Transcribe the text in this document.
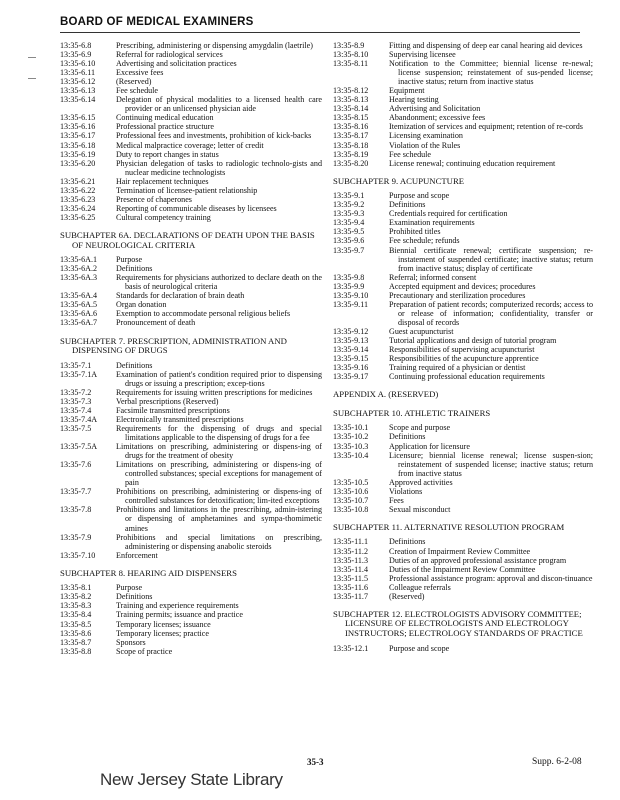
BOARD OF MEDICAL EXAMINERS
13:35-6.8	Prescribing, administering or dispensing amygdalin (laetrile)
13:35-6.9	Referral for radiological services
13:35-6.10	Advertising and solicitation practices
13:35-6.11	Excessive fees
13:35-6.12	(Reserved)
13:35-6.13	Fee schedule
13:35-6.14	Delegation of physical modalities to a licensed health care provider or an unlicensed physician aide
13:35-6.15	Continuing medical education
13:35-6.16	Professional practice structure
13:35-6.17	Professional fees and investments, prohibition of kick-backs
13:35-6.18	Medical malpractice coverage; letter of credit
13:35-6.19	Duty to report changes in status
13:35-6.20	Physician delegation of tasks to radiologic technolo-gists and nuclear medicine technologists
13:35-6.21	Hair replacement techniques
13:35-6.22	Termination of licensee-patient relationship
13:35-6.23	Presence of chaperones
13:35-6.24	Reporting of communicable diseases by licensees
13:35-6.25	Cultural competency training
SUBCHAPTER 6A. DECLARATIONS OF DEATH UPON THE BASIS OF NEUROLOGICAL CRITERIA
13:35-6A.1	Purpose
13:35-6A.2	Definitions
13:35-6A.3	Requirements for physicians authorized to declare death on the basis of neurological criteria
13:35-6A.4	Standards for declaration of brain death
13:35-6A.5	Organ donation
13:35-6A.6	Exemption to accommodate personal religious beliefs
13:35-6A.7	Pronouncement of death
SUBCHAPTER 7. PRESCRIPTION, ADMINISTRATION AND DISPENSING OF DRUGS
13:35-7.1	Definitions
13:35-7.1A	Examination of patient's condition required prior to dispensing drugs or issuing a prescription; excep-tions
13:35-7.2	Requirements for issuing written prescriptions for medicines
13:35-7.3	Verbal prescriptions (Reserved)
13:35-7.4	Facsimile transmitted prescriptions
13:35-7.4A	Electronically transmitted prescriptions
13:35-7.5	Requirements for the dispensing of drugs and special limitations applicable to the dispensing of drugs for a fee
13:35-7.5A	Limitations on prescribing, administering or dispens-ing of drugs for the treatment of obesity
13:35-7.6	Limitations on prescribing, administering or dispens-ing of controlled substances; special exceptions for management of pain
13:35-7.7	Prohibitions on prescribing, administering or dispens-ing of controlled substances for detoxification; lim-ited exceptions
13:35-7.8	Prohibitions and limitations in the prescribing, admin-istering or dispensing of amphetamines and sympa-thomimetic amines
13:35-7.9	Prohibitions and special limitations on prescribing, administering or dispensing anabolic steroids
13:35-7.10	Enforcement
SUBCHAPTER 8. HEARING AID DISPENSERS
13:35-8.1	Purpose
13:35-8.2	Definitions
13:35-8.3	Training and experience requirements
13:35-8.4	Training permits; issuance and practice
13:35-8.5	Temporary licenses; issuance
13:35-8.6	Temporary licenses; practice
13:35-8.7	Sponsors
13:35-8.8	Scope of practice
13:35-8.9	Fitting and dispensing of deep ear canal hearing aid devices
13:35-8.10	Supervising licensee
13:35-8.11	Notification to the Committee; biennial license re-newal; license suspension; reinstatement of sus-pended license; inactive status; return from inactive status
13:35-8.12	Equipment
13:35-8.13	Hearing testing
13:35-8.14	Advertising and Solicitation
13:35-8.15	Abandonment; excessive fees
13:35-8.16	Itemization of services and equipment; retention of re-cords
13:35-8.17	Licensing examination
13:35-8.18	Violation of the Rules
13:35-8.19	Fee schedule
13:35-8.20	License renewal; continuing education requirement
SUBCHAPTER 9. ACUPUNCTURE
13:35-9.1	Purpose and scope
13:35-9.2	Definitions
13:35-9.3	Credentials required for certification
13:35-9.4	Examination requirements
13:35-9.5	Prohibited titles
13:35-9.6	Fee schedule; refunds
13:35-9.7	Biennial certificate renewal; certificate suspension; re-instatement of suspended certificate; inactive status; return from inactive status; display of certificate
13:35-9.8	Referral; informed consent
13:35-9.9	Accepted equipment and devices; procedures
13:35-9.10	Precautionary and sterilization procedures
13:35-9.11	Preparation of patient records; computerized records; access to or release of information; confidentiality, transfer or disposal of records
13:35-9.12	Guest acupuncturist
13:35-9.13	Tutorial applications and design of tutorial program
13:35-9.14	Responsibilities of supervising acupuncturist
13:35-9.15	Responsibilities of the acupuncture apprentice
13:35-9.16	Training required of a physician or dentist
13:35-9.17	Continuing professional education requirements
APPENDIX A. (RESERVED)
SUBCHAPTER 10. ATHLETIC TRAINERS
13:35-10.1	Scope and purpose
13:35-10.2	Definitions
13:35-10.3	Application for licensure
13:35-10.4	Licensure; biennial license renewal; license suspen-sion; reinstatement of suspended license; inactive status; return from inactive status
13:35-10.5	Approved activities
13:35-10.6	Violations
13:35-10.7	Fees
13:35-10.8	Sexual misconduct
SUBCHAPTER 11. ALTERNATIVE RESOLUTION PROGRAM
13:35-11.1	Definitions
13:35-11.2	Creation of Impairment Review Committee
13:35-11.3	Duties of an approved professional assistance program
13:35-11.4	Duties of the Impairment Review Committee
13:35-11.5	Professional assistance program: approval and discon-tinuance
13:35-11.6	Colleague referrals
13:35-11.7	(Reserved)
SUBCHAPTER 12. ELECTROLOGISTS ADVISORY COMMITTEE; LICENSURE OF ELECTROLOGISTS AND ELECTROLOGY INSTRUCTORS; ELECTROLOGY STANDARDS OF PRACTICE
13:35-12.1	Purpose and scope
35-3	Supp. 6-2-08
New Jersey State Library
